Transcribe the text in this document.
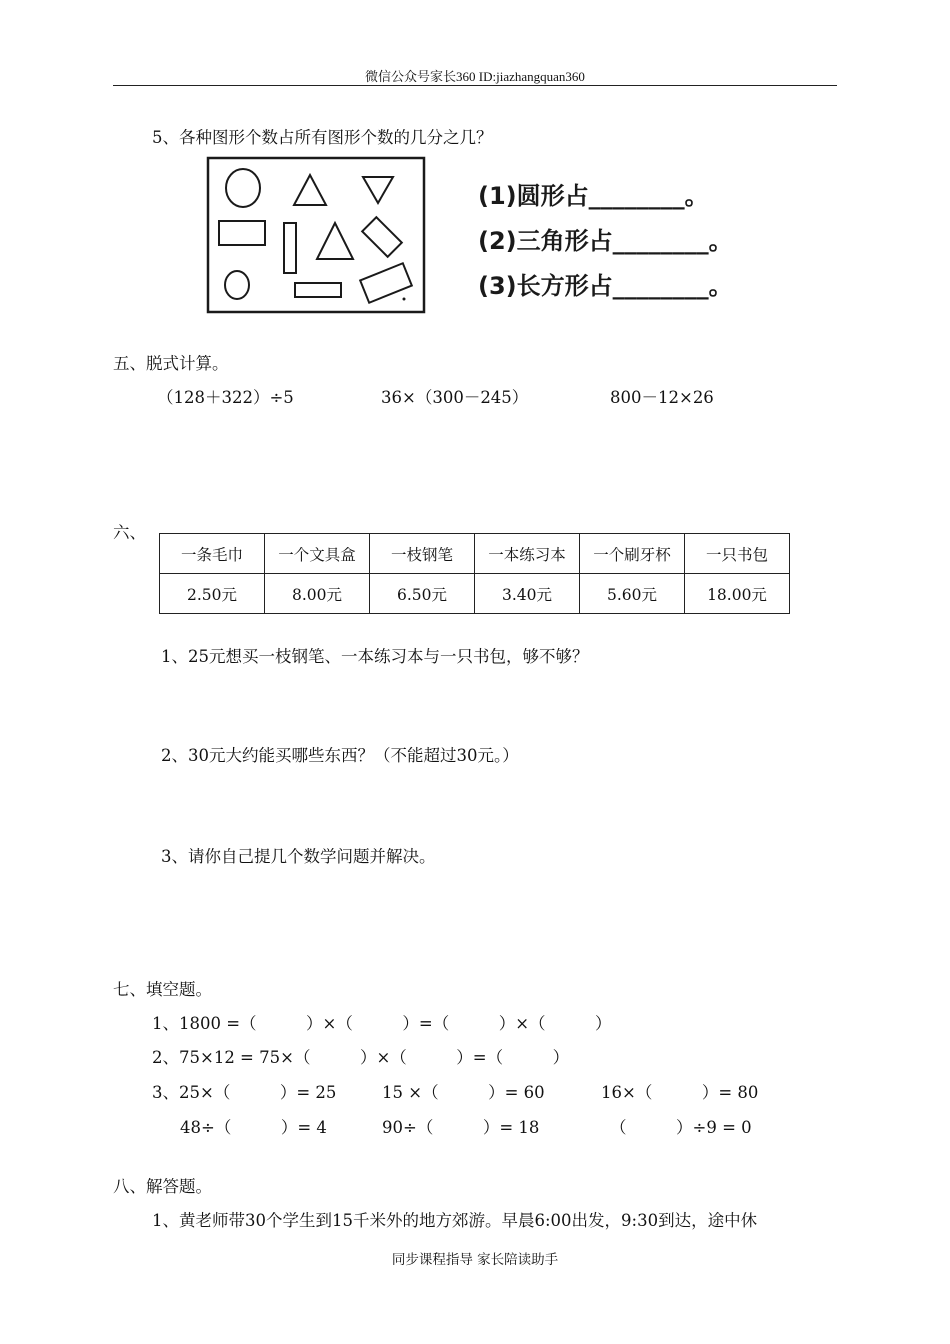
微信公众号家长360 ID:jiazhangquan360
5、各种图形个数占所有图形个数的几分之几？
(1)圆形占________。
(2)三角形占________。
(3)长方形占________。
五、脱式计算。
（128＋322）÷5	36×（300－245）	800－12×26
六、
一条毛巾	一个文具盒	一枝钢笔	一本练习本	一个刷牙杯	一只书包
2.50元	8.00元	6.50元	3.40元	5.60元	18.00元
1、25元想买一枝钢笔、一本练习本与一只书包，够不够？
2、30元大约能买哪些东西？（不能超过30元。）
3、请你自己提几个数学问题并解决。
七、填空题。
1、1800 =（　　　）×（　　　）=（　　　）×（　　　）
2、75×12 = 75×（　　　）×（　　　）=（　　　）
3、25×（　　　）= 25	15 ×（　　　）= 60	16×（　　　）= 80
48÷（　　　）= 4	90÷（　　　）= 18	（　　　）÷9 = 0
八、解答题。
1、黄老师带30个学生到15千米外的地方郊游。早晨6:00出发，9:30到达，途中休
同步课程指导 家长陪读助手
